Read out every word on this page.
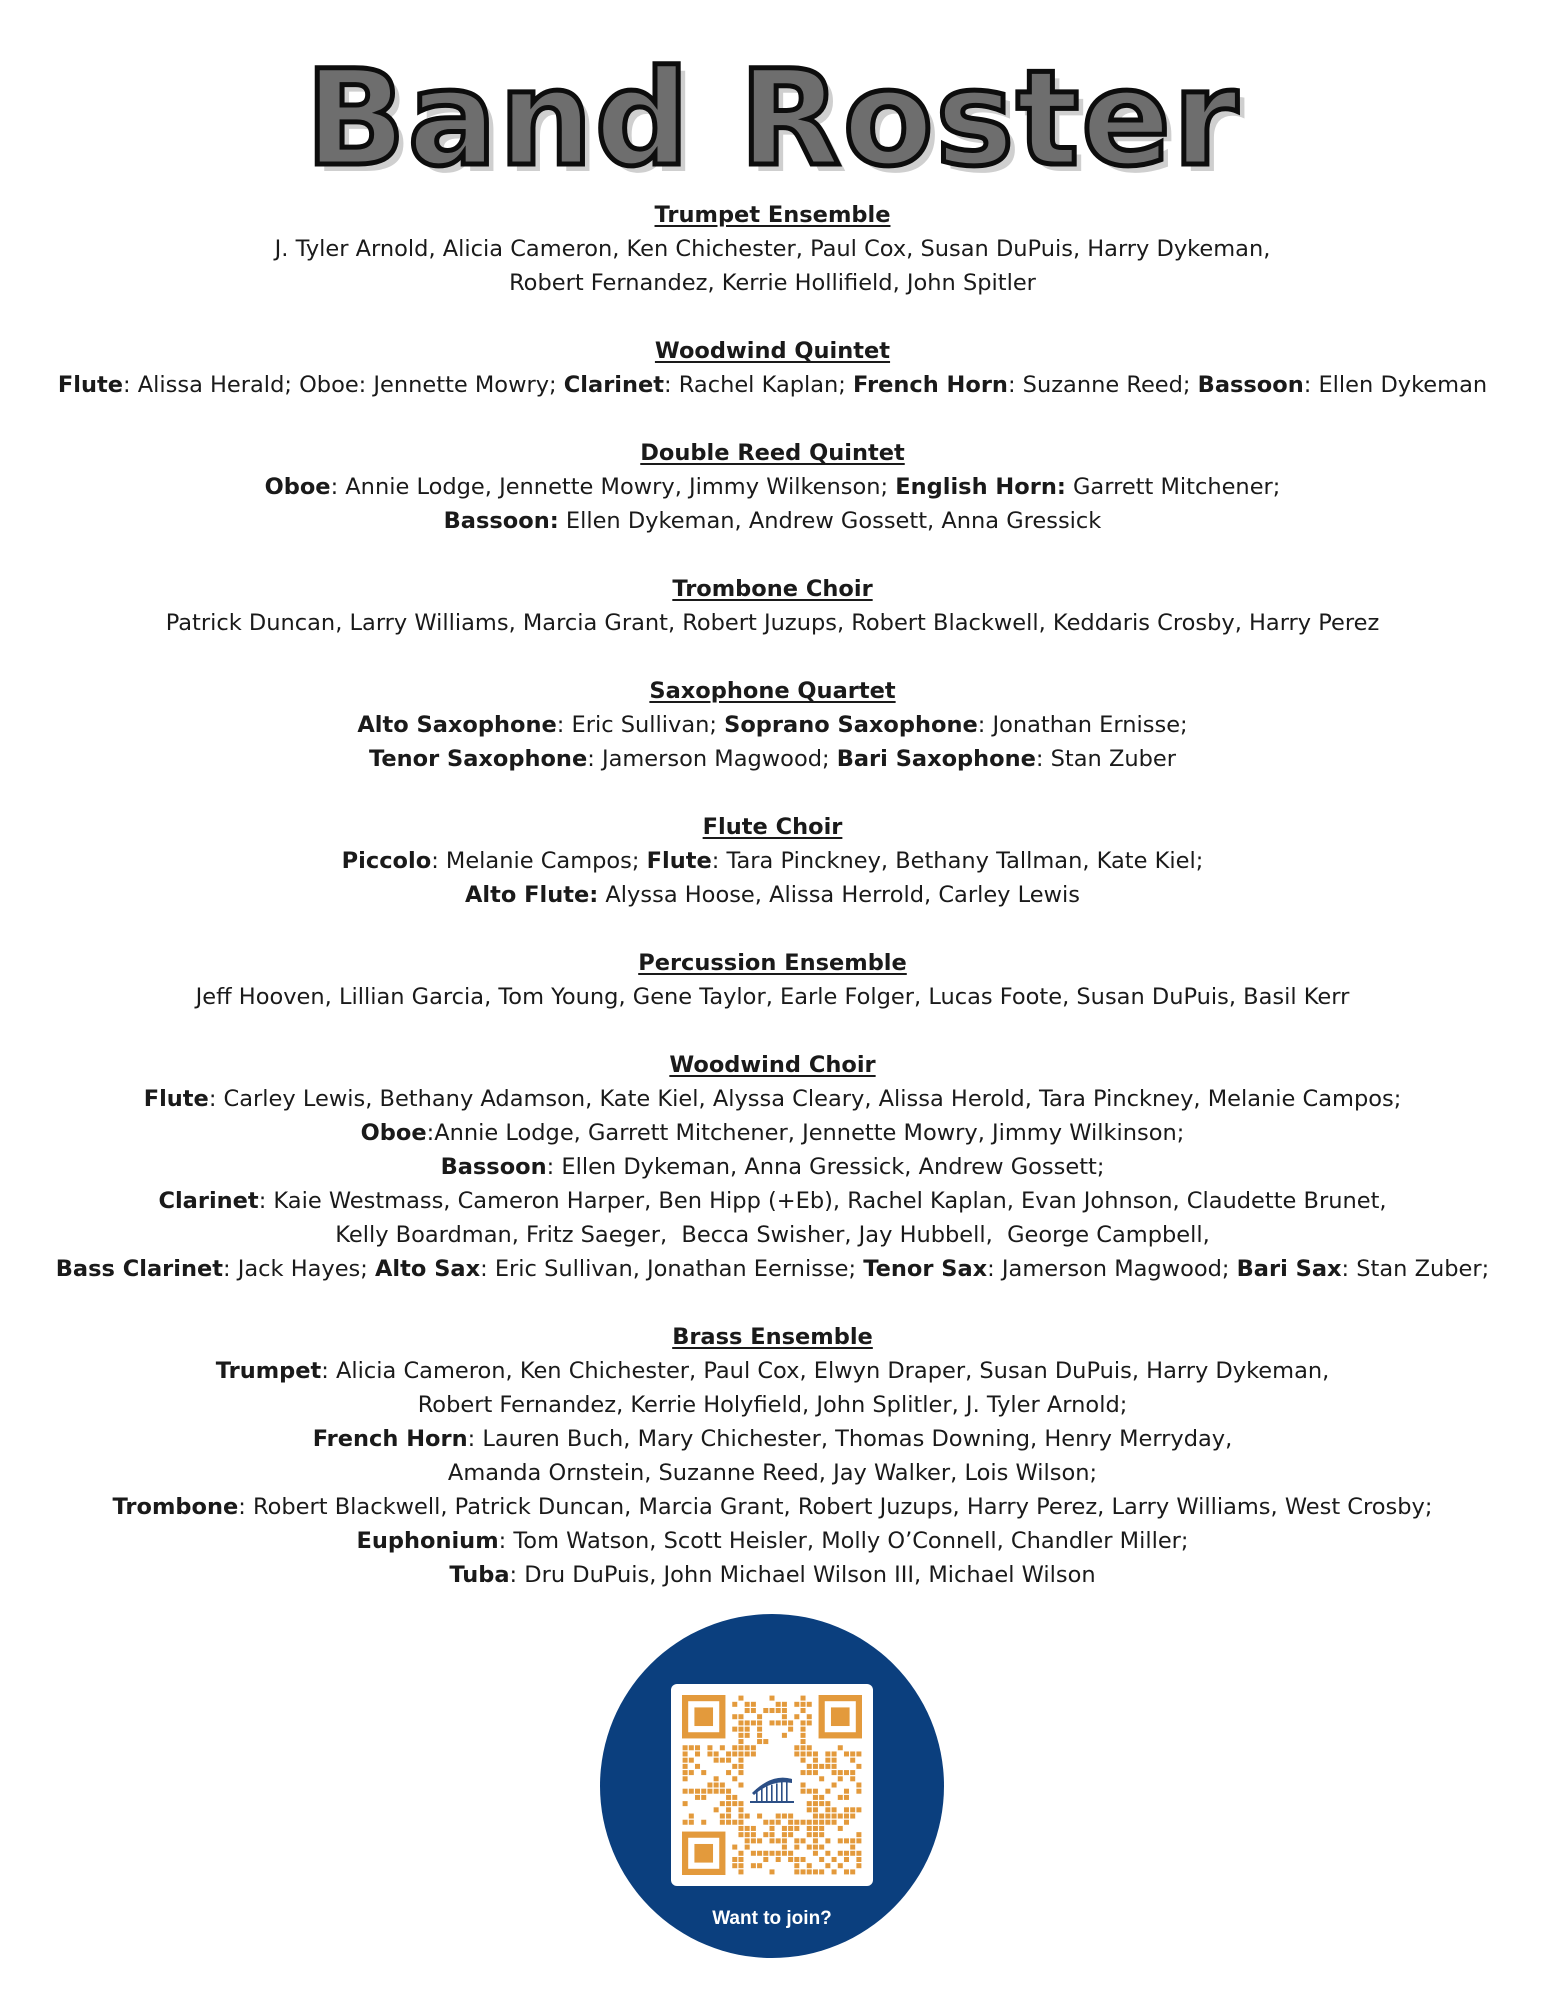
Band Roster
Trumpet Ensemble
J. Tyler Arnold, Alicia Cameron, Ken Chichester, Paul Cox, Susan DuPuis, Harry Dykeman,
Robert Fernandez, Kerrie Hollifield, John Spitler
Woodwind Quintet
Flute: Alissa Herald; Oboe: Jennette Mowry; Clarinet: Rachel Kaplan; French Horn: Suzanne Reed; Bassoon: Ellen Dykeman
Double Reed Quintet
Oboe: Annie Lodge, Jennette Mowry, Jimmy Wilkenson; English Horn: Garrett Mitchener;
Bassoon: Ellen Dykeman, Andrew Gossett, Anna Gressick
Trombone Choir
Patrick Duncan, Larry Williams, Marcia Grant, Robert Juzups, Robert Blackwell, Keddaris Crosby, Harry Perez
Saxophone Quartet
Alto Saxophone: Eric Sullivan; Soprano Saxophone: Jonathan Ernisse;
Tenor Saxophone: Jamerson Magwood; Bari Saxophone: Stan Zuber
Flute Choir
Piccolo: Melanie Campos; Flute: Tara Pinckney, Bethany Tallman, Kate Kiel;
Alto Flute: Alyssa Hoose, Alissa Herrold, Carley Lewis
Percussion Ensemble
Jeff Hooven, Lillian Garcia, Tom Young, Gene Taylor, Earle Folger, Lucas Foote, Susan DuPuis, Basil Kerr
Woodwind Choir
Flute: Carley Lewis, Bethany Adamson, Kate Kiel, Alyssa Cleary, Alissa Herold, Tara Pinckney, Melanie Campos;
Oboe:Annie Lodge, Garrett Mitchener, Jennette Mowry, Jimmy Wilkinson;
Bassoon: Ellen Dykeman, Anna Gressick, Andrew Gossett;
Clarinet: Kaie Westmass, Cameron Harper, Ben Hipp (+Eb), Rachel Kaplan, Evan Johnson, Claudette Brunet,
Kelly Boardman, Fritz Saeger,  Becca Swisher, Jay Hubbell,  George Campbell,
Bass Clarinet: Jack Hayes; Alto Sax: Eric Sullivan, Jonathan Eernisse; Tenor Sax: Jamerson Magwood; Bari Sax: Stan Zuber;
Brass Ensemble
Trumpet: Alicia Cameron, Ken Chichester, Paul Cox, Elwyn Draper, Susan DuPuis, Harry Dykeman,
Robert Fernandez, Kerrie Holyfield, John Splitler, J. Tyler Arnold;
French Horn: Lauren Buch, Mary Chichester, Thomas Downing, Henry Merryday,
Amanda Ornstein, Suzanne Reed, Jay Walker, Lois Wilson;
Trombone: Robert Blackwell, Patrick Duncan, Marcia Grant, Robert Juzups, Harry Perez, Larry Williams, West Crosby;
Euphonium: Tom Watson, Scott Heisler, Molly O’Connell, Chandler Miller;
Tuba: Dru DuPuis, John Michael Wilson III, Michael Wilson
Want to join?
